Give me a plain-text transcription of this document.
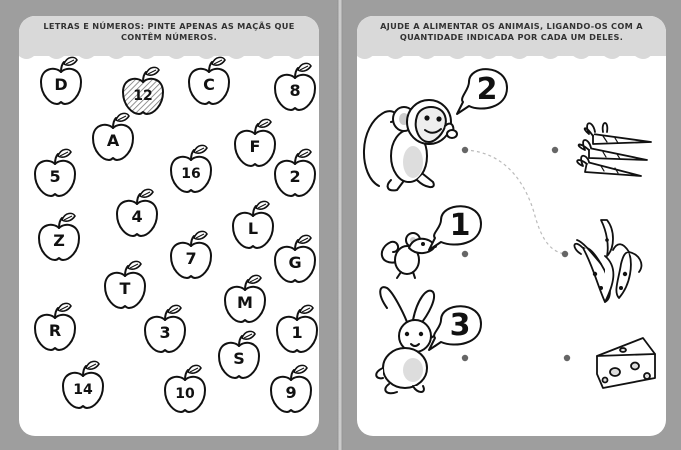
LETRAS E NÚMEROS: PINTE APENAS AS MAÇÃS QUE CONTÊM NÚMEROS.
D
12
C	8
A	F
5	16	2
4
Z
L
7	G
T
M
R	3	1
S
14	10	9
AJUDE A ALIMENTAR OS ANIMAIS, LIGANDO-OS COM A QUANTIDADE INDICADA POR CADA UM DELES.
2
1
3
